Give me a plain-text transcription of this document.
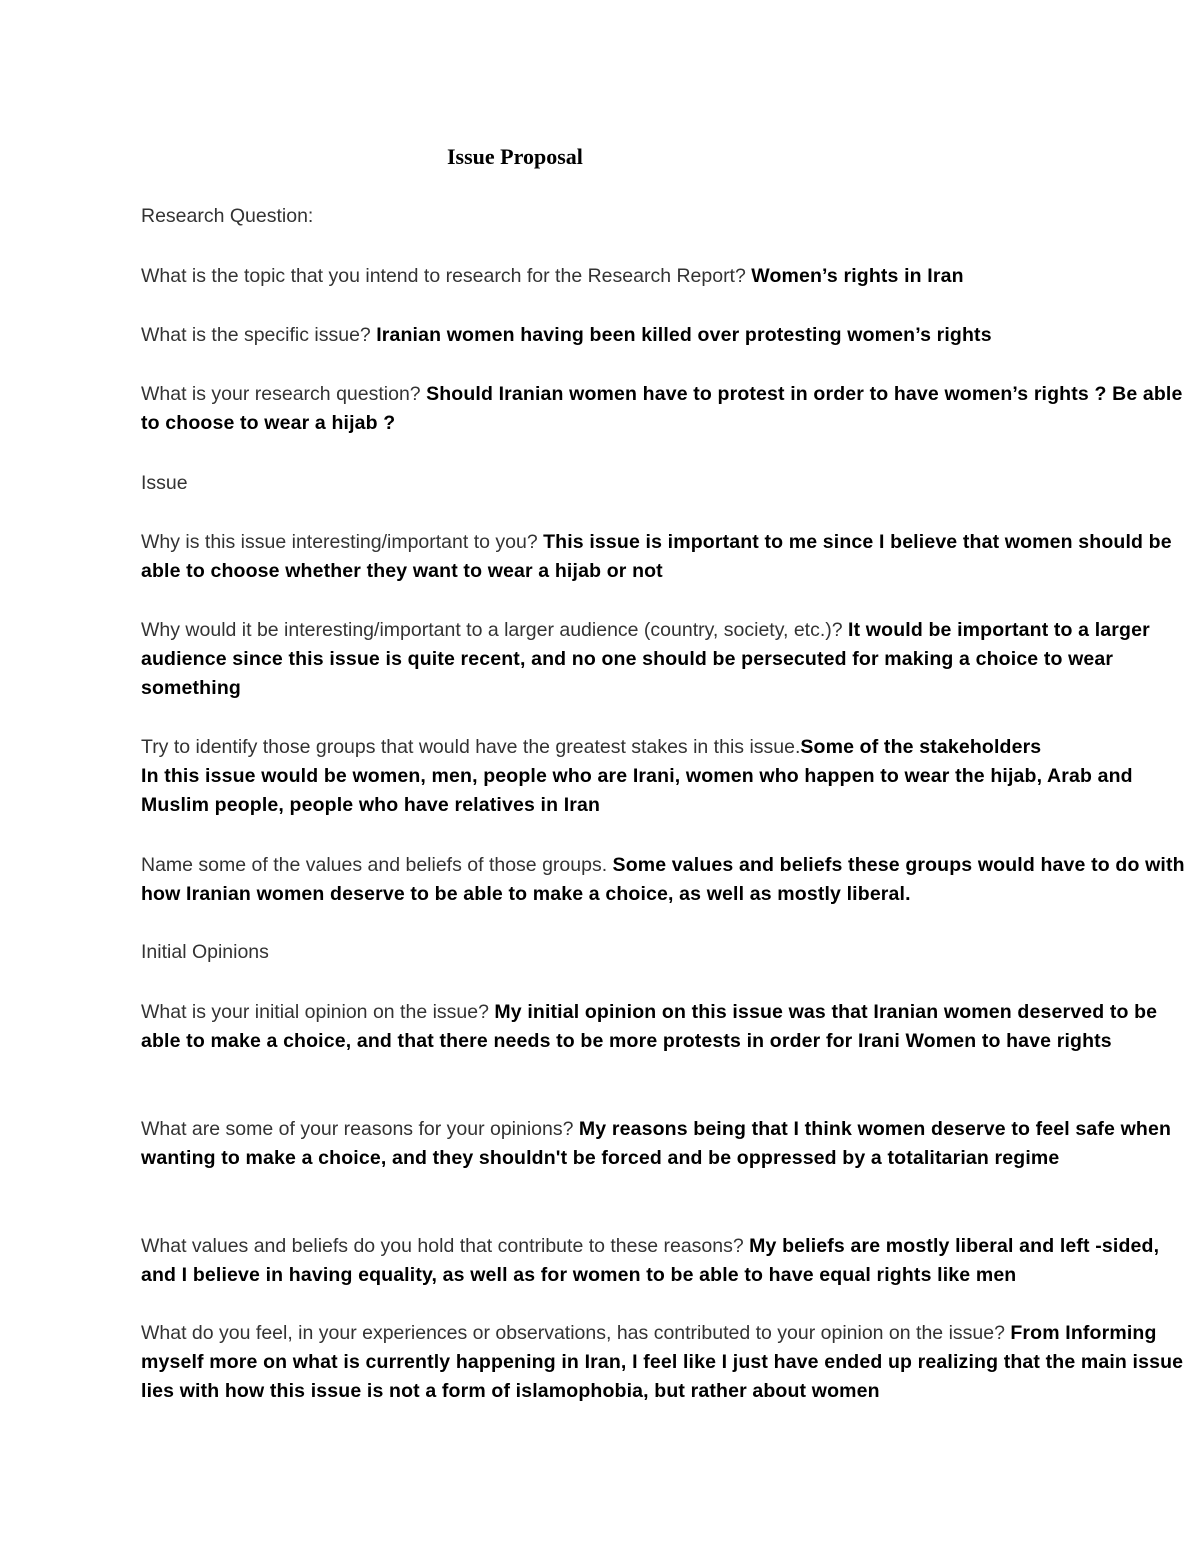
Issue Proposal
Research Question:
What is the topic that you intend to research for the Research Report? Women’s rights in Iran
What is the specific issue? Iranian women having been killed over protesting women’s rights
What is your research question? Should Iranian women have to protest in order to have women’s rights ? Be able to choose to wear a hijab ?
Issue
Why is this issue interesting/important to you? This issue is important to me since I believe that women should be able to choose whether they want to wear a hijab or not
Why would it be interesting/important to a larger audience (country, society, etc.)? It would be important to a larger audience since this issue is quite recent, and no one should be persecuted for making a choice to wear something
Try to identify those groups that would have the greatest stakes in this issue.Some of the stakeholders
In this issue would be women, men, people who are Irani, women who happen to wear the hijab, Arab and Muslim people, people who have relatives in Iran
Name some of the values and beliefs of those groups. Some values and beliefs these groups would have to do with how Iranian women deserve to be able to make a choice, as well as mostly liberal.
Initial Opinions
What is your initial opinion on the issue? My initial opinion on this issue was that Iranian women deserved to be able to make a choice, and that there needs to be more protests in order for Irani Women to have rights
What are some of your reasons for your opinions? My reasons being that I think women deserve to feel safe when wanting to make a choice, and they shouldn't be forced and be oppressed by a totalitarian regime
What values and beliefs do you hold that contribute to these reasons? My beliefs are mostly liberal and left -sided, and I believe in having equality, as well as for women to be able to have equal rights like men
What do you feel, in your experiences or observations, has contributed to your opinion on the issue? From Informing myself more on what is currently happening in Iran, I feel like I just have ended up realizing that the main issue lies with how this issue is not a form of islamophobia, but rather about women
